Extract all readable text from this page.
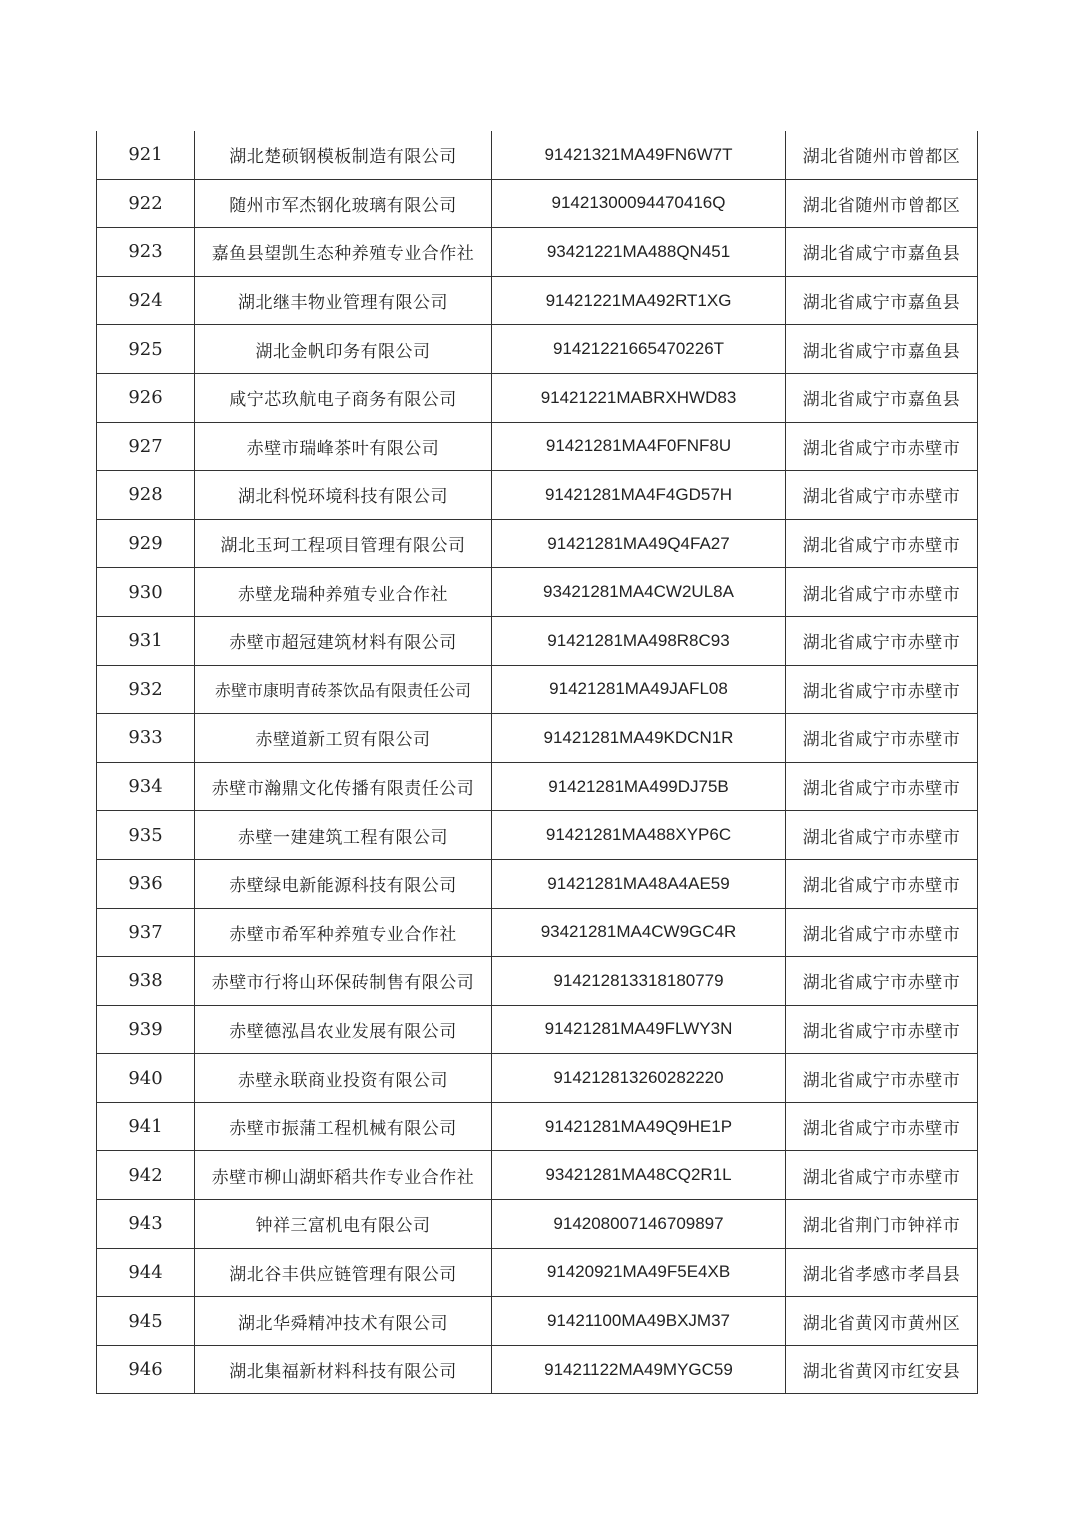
921	湖北楚硕钢模板制造有限公司	91421321MA49FN6W7T	湖北省随州市曾都区
922	随州市军杰钢化玻璃有限公司	91421300094470416Q	湖北省随州市曾都区
923	嘉鱼县望凯生态种养殖专业合作社	93421221MA488QN451	湖北省咸宁市嘉鱼县
924	湖北继丰物业管理有限公司	91421221MA492RT1XG	湖北省咸宁市嘉鱼县
925	湖北金帆印务有限公司	91421221665470226T	湖北省咸宁市嘉鱼县
926	咸宁芯玖航电子商务有限公司	91421221MABRXHWD83	湖北省咸宁市嘉鱼县
927	赤壁市瑞峰茶叶有限公司	91421281MA4F0FNF8U	湖北省咸宁市赤壁市
928	湖北科悦环境科技有限公司	91421281MA4F4GD57H	湖北省咸宁市赤壁市
929	湖北玉珂工程项目管理有限公司	91421281MA49Q4FA27	湖北省咸宁市赤壁市
930	赤壁龙瑞种养殖专业合作社	93421281MA4CW2UL8A	湖北省咸宁市赤壁市
931	赤壁市超冠建筑材料有限公司	91421281MA498R8C93	湖北省咸宁市赤壁市
932	赤壁市康明青砖茶饮品有限责任公司	91421281MA49JAFL08	湖北省咸宁市赤壁市
933	赤壁道新工贸有限公司	91421281MA49KDCN1R	湖北省咸宁市赤壁市
934	赤壁市瀚鼎文化传播有限责任公司	91421281MA499DJ75B	湖北省咸宁市赤壁市
935	赤壁一建建筑工程有限公司	91421281MA488XYP6C	湖北省咸宁市赤壁市
936	赤壁绿电新能源科技有限公司	91421281MA48A4AE59	湖北省咸宁市赤壁市
937	赤壁市希军种养殖专业合作社	93421281MA4CW9GC4R	湖北省咸宁市赤壁市
938	赤壁市行将山环保砖制售有限公司	914212813318180779	湖北省咸宁市赤壁市
939	赤壁德泓昌农业发展有限公司	91421281MA49FLWY3N	湖北省咸宁市赤壁市
940	赤壁永联商业投资有限公司	914212813260282220	湖北省咸宁市赤壁市
941	赤壁市振蒲工程机械有限公司	91421281MA49Q9HE1P	湖北省咸宁市赤壁市
942	赤壁市柳山湖虾稻共作专业合作社	93421281MA48CQ2R1L	湖北省咸宁市赤壁市
943	钟祥三富机电有限公司	914208007146709897	湖北省荆门市钟祥市
944	湖北谷丰供应链管理有限公司	91420921MA49F5E4XB	湖北省孝感市孝昌县
945	湖北华舜精冲技术有限公司	91421100MA49BXJM37	湖北省黄冈市黄州区
946	湖北集福新材料科技有限公司	91421122MA49MYGC59	湖北省黄冈市红安县
